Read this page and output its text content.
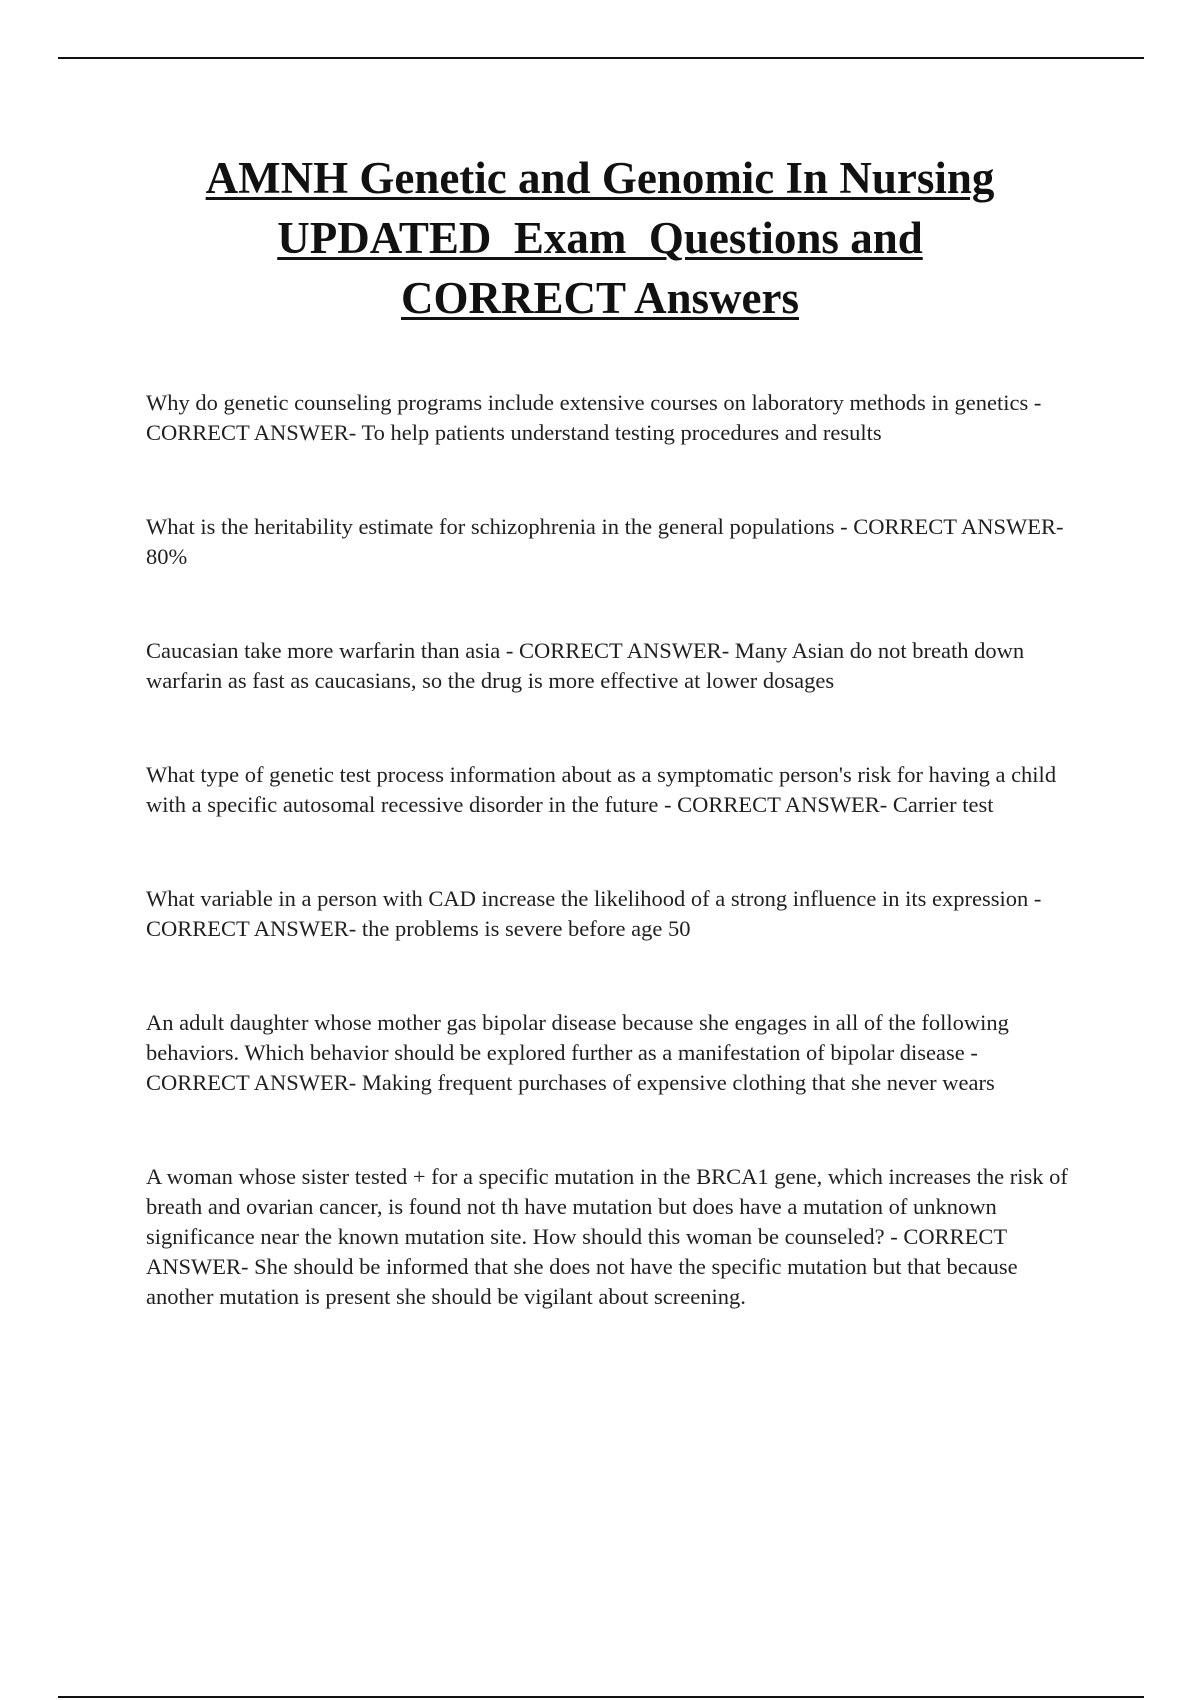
AMNH Genetic and Genomic In Nursing
UPDATED  Exam  Questions and
CORRECT Answers
Why do genetic counseling programs include extensive courses on laboratory methods in genetics - CORRECT ANSWER- To help patients understand testing procedures and results
What is the heritability estimate for schizophrenia in the general populations - CORRECT ANSWER- 80%
Caucasian take more warfarin than asia - CORRECT ANSWER- Many Asian do not breath down warfarin as fast as caucasians, so the drug is more effective at lower dosages
What type of genetic test process information about as a symptomatic person's risk for having a child with a specific autosomal recessive disorder in the future - CORRECT ANSWER- Carrier test
What variable in a person with CAD increase the likelihood of a strong influence in its expression - CORRECT ANSWER- the problems is severe before age 50
An adult daughter whose mother gas bipolar disease because she engages in all of the following behaviors. Which behavior should be explored further as a manifestation of bipolar disease - CORRECT ANSWER- Making frequent purchases of expensive clothing that she never wears
A woman whose sister tested + for a specific mutation in the BRCA1 gene, which increases the risk of breath and ovarian cancer, is found not th have mutation but does have a mutation of unknown significance near the known mutation site. How should this woman be counseled? - CORRECT ANSWER- She should be informed that she does not have the specific mutation but that because another mutation is present she should be vigilant about screening.
